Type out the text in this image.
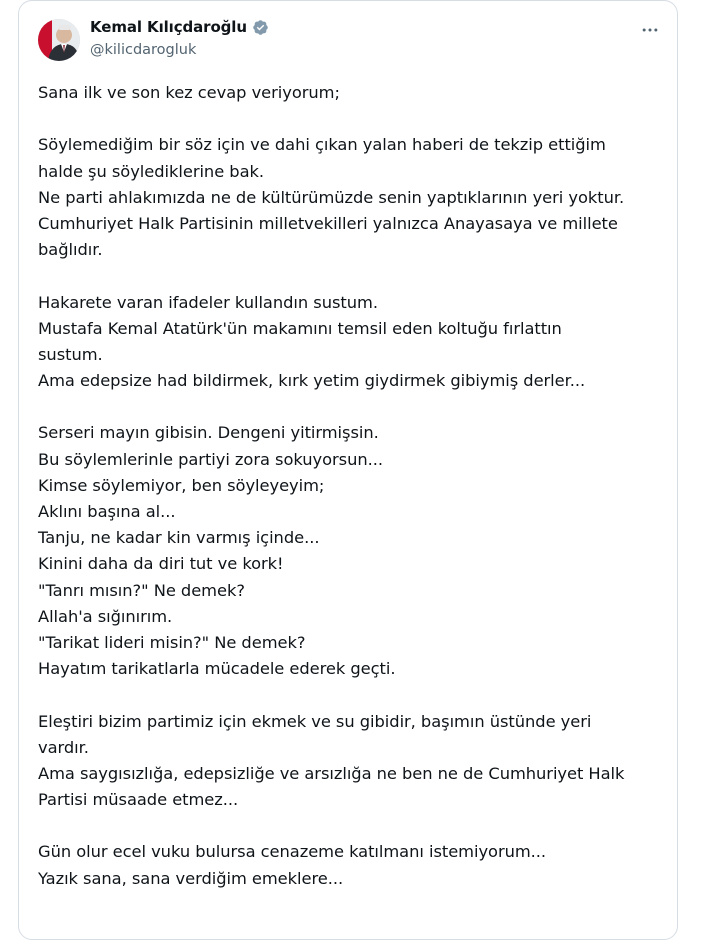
Kemal Kılıçdaroğlu
@kilicdarogluk
Sana ilk ve son kez cevap veriyorum;
Söylemediğim bir söz için ve dahi çıkan yalan haberi de tekzip ettiğim
halde şu söylediklerine bak.
Ne parti ahlakımızda ne de kültürümüzde senin yaptıklarının yeri yoktur.
Cumhuriyet Halk Partisinin milletvekilleri yalnızca Anayasaya ve millete
bağlıdır.
Hakarete varan ifadeler kullandın sustum.
Mustafa Kemal Atatürk'ün makamını temsil eden koltuğu fırlattın
sustum.
Ama edepsize had bildirmek, kırk yetim giydirmek gibiymiş derler...
Serseri mayın gibisin. Dengeni yitirmişsin.
Bu söylemlerinle partiyi zora sokuyorsun...
Kimse söylemiyor, ben söyleyeyim;
Aklını başına al...
Tanju, ne kadar kin varmış içinde...
Kinini daha da diri tut ve kork!
"Tanrı mısın?" Ne demek?
Allah'a sığınırım.
"Tarikat lideri misin?" Ne demek?
Hayatım tarikatlarla mücadele ederek geçti.
Eleştiri bizim partimiz için ekmek ve su gibidir, başımın üstünde yeri
vardır.
Ama saygısızlığa, edepsizliğe ve arsızlığa ne ben ne de Cumhuriyet Halk
Partisi müsaade etmez...
Gün olur ecel vuku bulursa cenazeme katılmanı istemiyorum...
Yazık sana, sana verdiğim emeklere...
